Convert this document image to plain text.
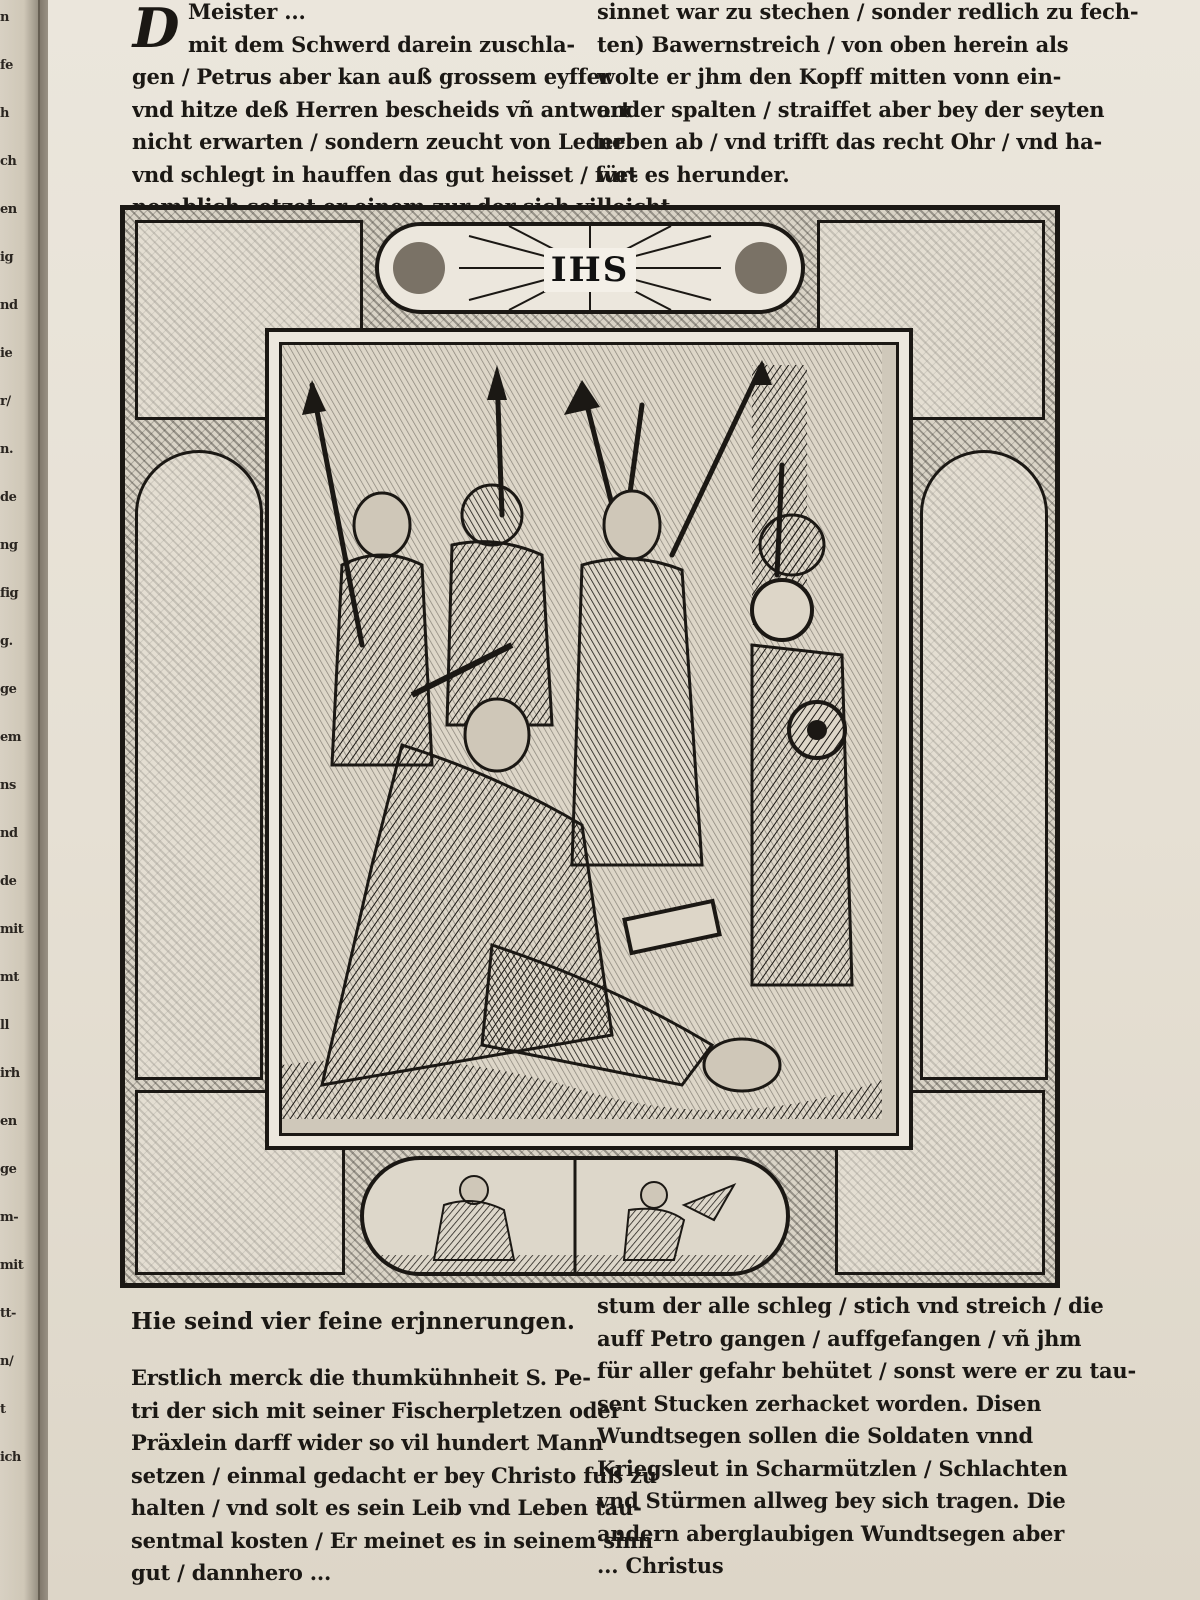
n
fe
h
ch
en
ig
nd
ie
r/
n.
de
ng
fig
g.
ge
em
ns
nd
de
mit
mt
ll
irh
en
ge
m-
mit
tt-
n/
t
ich
D Meister ...
mit dem Schwerd darein zuschla-
gen / Petrus aber kan auß grossem eyffer
vnd hitze deß Herren bescheids vñ antwort
nicht erwarten / sondern zeucht von Leder
vnd schlegt in hauffen das gut heisset / für-
sinnet war zu stechen / sonder redlich zu fech-
ten) Bawernstreich / von oben herein als
wolte er jhm den Kopff mitten vonn ein-
ander spalten / straiffet aber bey der seyten
neben ab / vnd trifft das recht Ohr / vnd ha-
wet es herunder.
IHS
Hie seind vier feine erjnnerungen.
Erstlich merck die thumkühnheit S. Pe-
tri der sich mit seiner Fischerpletzen oder
Präxlein darff wider so vil hundert Mann
setzen / einmal gedacht er bey Christo fuß zu
halten / vnd solt es sein Leib vnd Leben tau-
sentmal kosten / Er meinet es in seinem sinn
gut / dannhero ...
stum der alle schleg / stich vnd streich / die
auff Petro gangen / auffgefangen / vñ jhm
für aller gefahr behütet / sonst were er zu tau-
sent Stucken zerhacket worden. Disen
Wundtsegen sollen die Soldaten vnnd
Kriegsleut in Scharmützlen / Schlachten
vnd Stürmen allweg bey sich tragen. Die
andern aberglaubigen Wundtsegen aber
... Christus
